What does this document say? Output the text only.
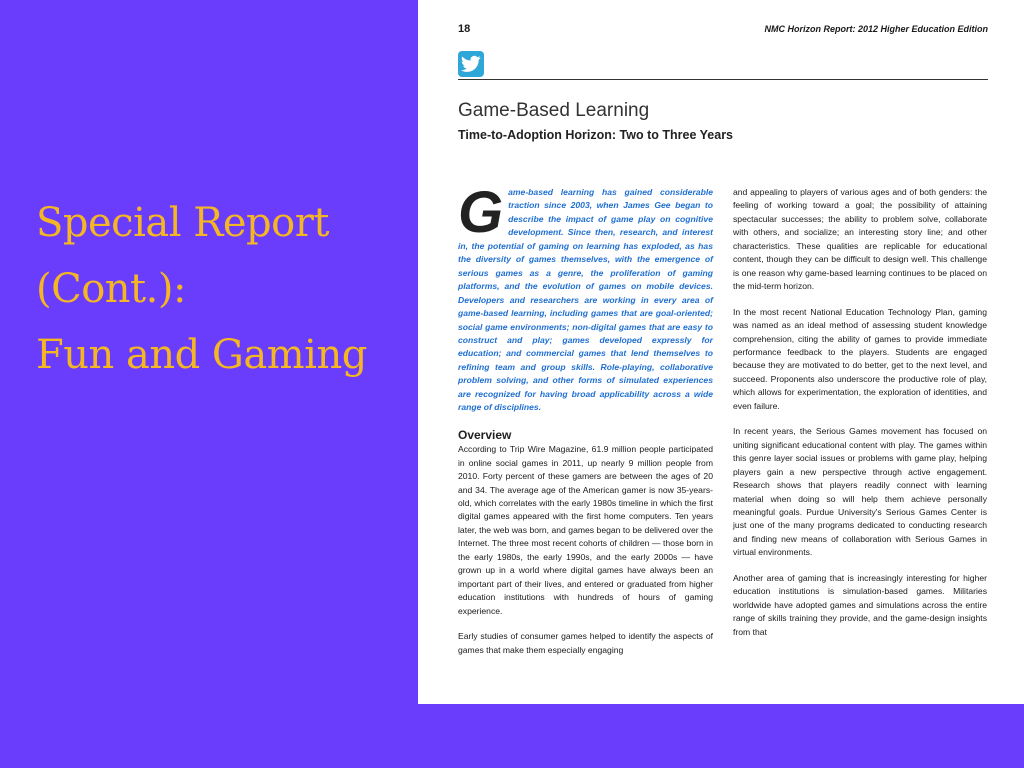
Special Report
(Cont.):
Fun and Gaming
18	NMC Horizon Report: 2012 Higher Education Edition
Game-Based Learning
Time-to-Adoption Horizon: Two to Three Years

Game-based learning has gained considerable traction since 2003, when James Gee began to describe the impact of game play on cognitive development. Since then, research, and interest in, the potential of gaming on learning has exploded, as has the diversity of games themselves, with the emergence of serious games as a genre, the proliferation of gaming platforms, and the evolution of games on mobile devices. Developers and researchers are working in every area of game-based learning, including games that are goal-oriented; social game environments; non-digital games that are easy to construct and play; games developed expressly for education; and commercial games that lend themselves to refining team and group skills. Role-playing, collaborative problem solving, and other forms of simulated experiences are recognized for having broad applicability across a wide range of disciplines.

Overview

According to Trip Wire Magazine, 61.9 million people participated in online social games in 2011, up nearly 9 million people from 2010. Forty percent of these gamers are between the ages of 20 and 34. The average age of the American gamer is now 35-years-old, which correlates with the early 1980s timeline in which the first digital games appeared with the first home computers. Ten years later, the web was born, and games began to be delivered over the Internet. The three most recent cohorts of children — those born in the early 1980s, the early 1990s, and the early 2000s — have grown up in a world where digital games have always been an important part of their lives, and entered or graduated from higher education institutions with hundreds of hours of gaming experience.

Early studies of consumer games helped to identify the aspects of games that make them especially engaging

and appealing to players of various ages and of both genders: the feeling of working toward a goal; the possibility of attaining spectacular successes; the ability to problem solve, collaborate with others, and socialize; an interesting story line; and other characteristics. These qualities are replicable for educational content, though they can be difficult to design well. This challenge is one reason why game-based learning continues to be placed on the mid-term horizon.

In the most recent National Education Technology Plan, gaming was named as an ideal method of assessing student knowledge comprehension, citing the ability of games to provide immediate performance feedback to the players. Students are engaged because they are motivated to do better, get to the next level, and succeed. Proponents also underscore the productive role of play, which allows for experimentation, the exploration of identities, and even failure.

In recent years, the Serious Games movement has focused on uniting significant educational content with play. The games within this genre layer social issues or problems with game play, helping players gain a new perspective through active engagement. Research shows that players readily connect with learning material when doing so will help them achieve personally meaningful goals. Purdue University's Serious Games Center is just one of the many programs dedicated to conducting research and finding new means of collaboration with Serious Games in virtual environments.

Another area of gaming that is increasingly interesting for higher education institutions is simulation-based games. Militaries worldwide have adopted games and simulations across the entire range of skills training they provide, and the game-design insights from that
